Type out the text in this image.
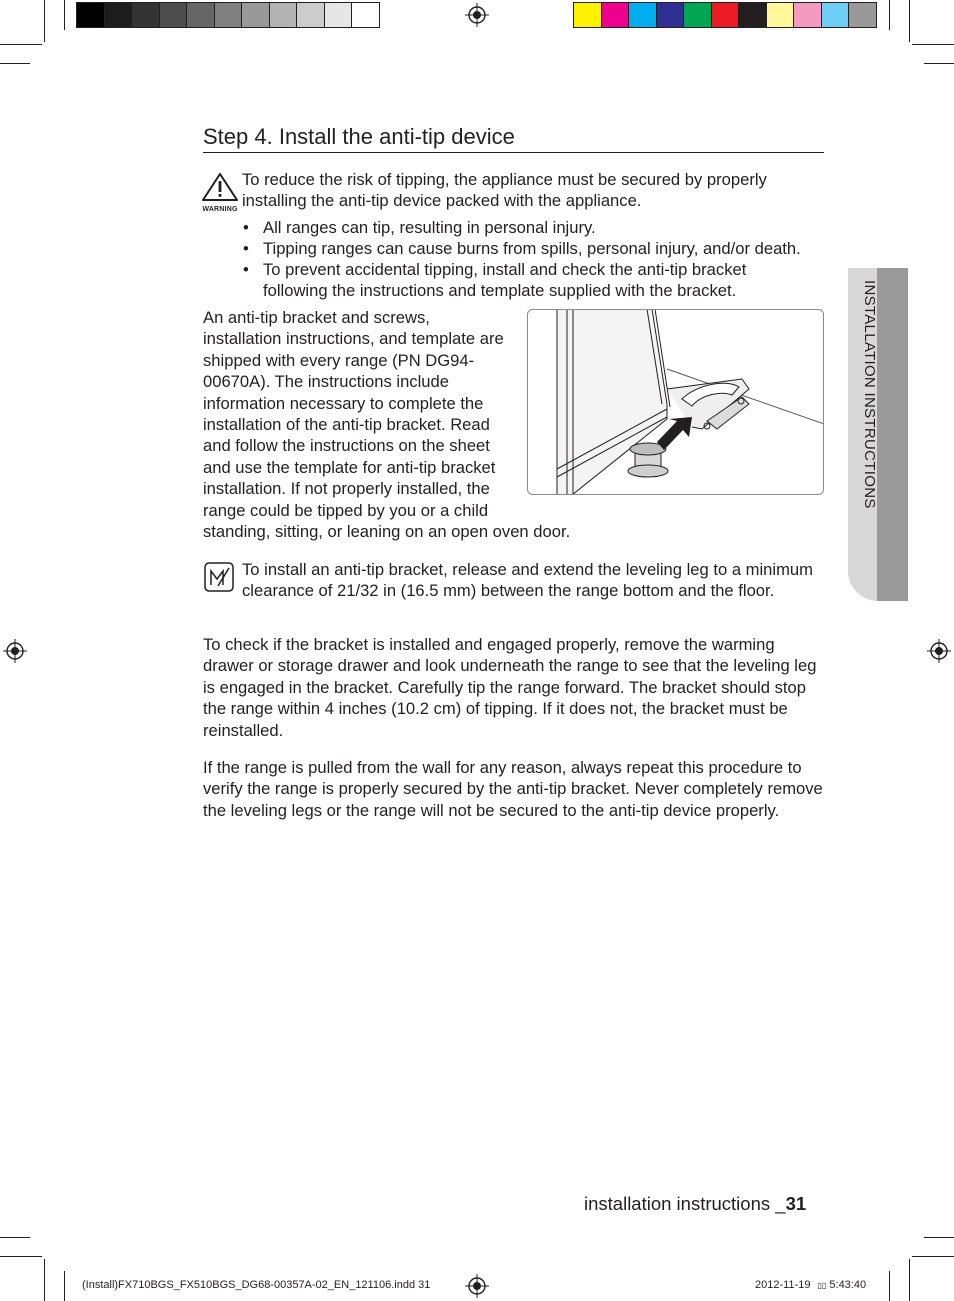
Step 4. Install the anti-tip device
WARNING
To reduce the risk of tipping, the appliance must be secured by properly installing the anti-tip device packed with the appliance.
• All ranges can tip, resulting in personal injury.
• Tipping ranges can cause burns from spills, personal injury, and/or death.
• To prevent accidental tipping, install and check the anti-tip bracket following the instructions and template supplied with the bracket.
An anti-tip bracket and screws, installation instructions, and template are shipped with every range (PN DG94-00670A). The instructions include information necessary to complete the installation of the anti-tip bracket. Read and follow the instructions on the sheet and use the template for anti-tip bracket installation. If not properly installed, the range could be tipped by you or a child standing, sitting, or leaning on an open oven door.
To install an anti-tip bracket, release and extend the leveling leg to a minimum clearance of 21/32 in (16.5 mm) between the range bottom and the floor.
To check if the bracket is installed and engaged properly, remove the warming drawer or storage drawer and look underneath the range to see that the leveling leg is engaged in the bracket. Carefully tip the range forward. The bracket should stop the range within 4 inches (10.2 cm) of tipping. If it does not, the bracket must be reinstalled.
If the range is pulled from the wall for any reason, always repeat this procedure to verify the range is properly secured by the anti-tip bracket. Never completely remove the leveling legs or the range will not be secured to the anti-tip device properly.
INSTALLATION INSTRUCTIONS
installation instructions _31
(Install)FX710BGS_FX510BGS_DG68-00357A-02_EN_121106.indd 31	2012-11-19 ▯▯ 5:43:40
